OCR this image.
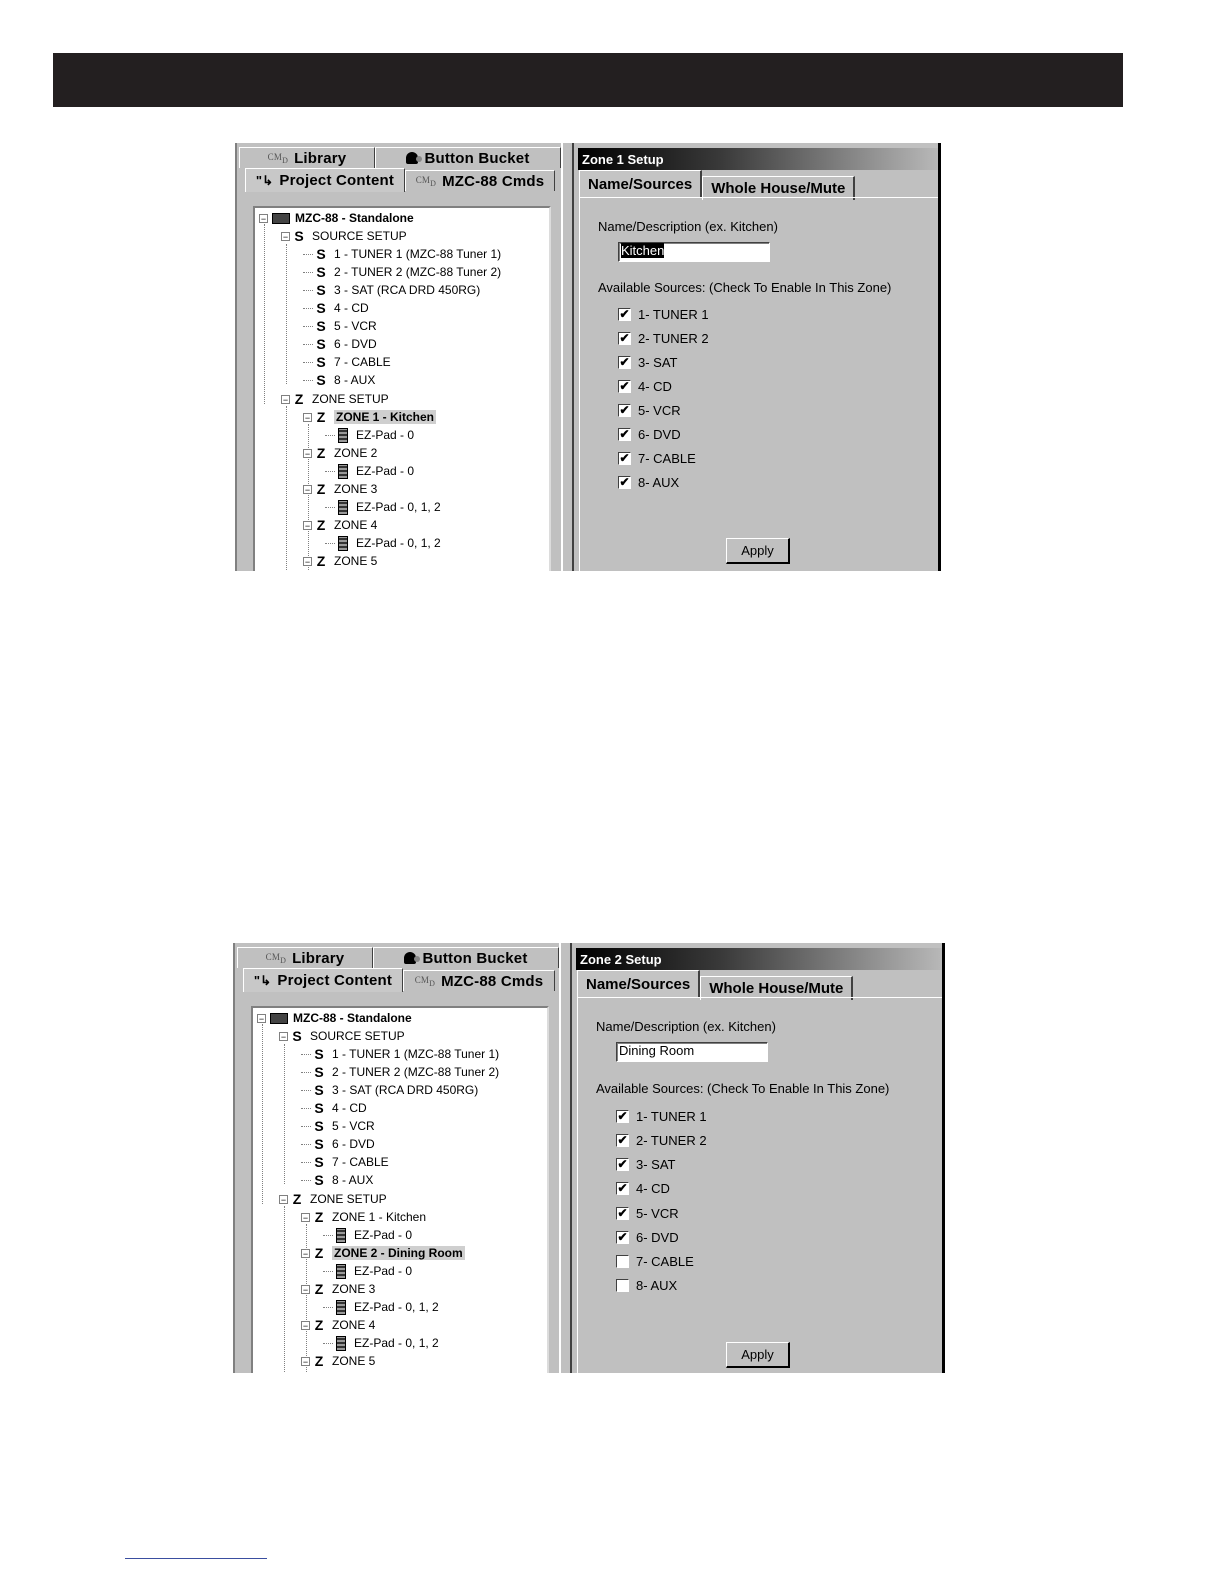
$CM_D$ Library	Button Bucket
"↳ Project Content $CM_D$ MZC-88 Cmds
− MZC-88 - Standalone
− S SOURCE SETUP
S 1 - TUNER 1 (MZC-88 Tuner 1)
S 2 - TUNER 2 (MZC-88 Tuner 2)
S 3 - SAT (RCA DRD 450RG)
S 4 - CD
S 5 - VCR
S 6 - DVD
S 7 - CABLE
S 8 - AUX
− Z ZONE SETUP
− Z ZONE 1 - Kitchen
EZ-Pad - 0
− Z ZONE 2
EZ-Pad - 0
− Z ZONE 3
EZ-Pad - 0, 1, 2
− Z ZONE 4
EZ-Pad - 0, 1, 2
− Z ZONE 5
Zone 1 Setup
Name/Sources	Whole House/Mute
Name/Description (ex. Kitchen)
Kitchen
Available Sources: (Check To Enable In This Zone)
✔ 1- TUNER 1
✔ 2- TUNER 2
✔ 3- SAT
✔ 4- CD
✔ 5- VCR
✔ 6- DVD
✔ 7- CABLE
✔ 8- AUX
Apply
$CM_D$ Library	Button Bucket
"↳ Project Content	$CM_D$ MZC-88 Cmds
− MZC-88 - Standalone
− S SOURCE SETUP
S 1 - TUNER 1 (MZC-88 Tuner 1)
S 2 - TUNER 2 (MZC-88 Tuner 2)
S 3 - SAT (RCA DRD 450RG)
S 4 - CD
S 5 - VCR
S 6 - DVD
S 7 - CABLE
S 8 - AUX
− Z ZONE SETUP
− Z ZONE 1 - Kitchen
EZ-Pad - 0
− Z ZONE 2 - Dining Room
EZ-Pad - 0
− Z ZONE 3
EZ-Pad - 0, 1, 2
− Z ZONE 4
EZ-Pad - 0, 1, 2
− Z ZONE 5
Zone 2 Setup
Name/Sources	Whole House/Mute
Name/Description (ex. Kitchen)
Dining Room
Available Sources: (Check To Enable In This Zone)
✔ 1- TUNER 1
✔ 2- TUNER 2
✔ 3- SAT
✔ 4- CD
✔ 5- VCR
✔ 6- DVD
7- CABLE
8- AUX
Apply
